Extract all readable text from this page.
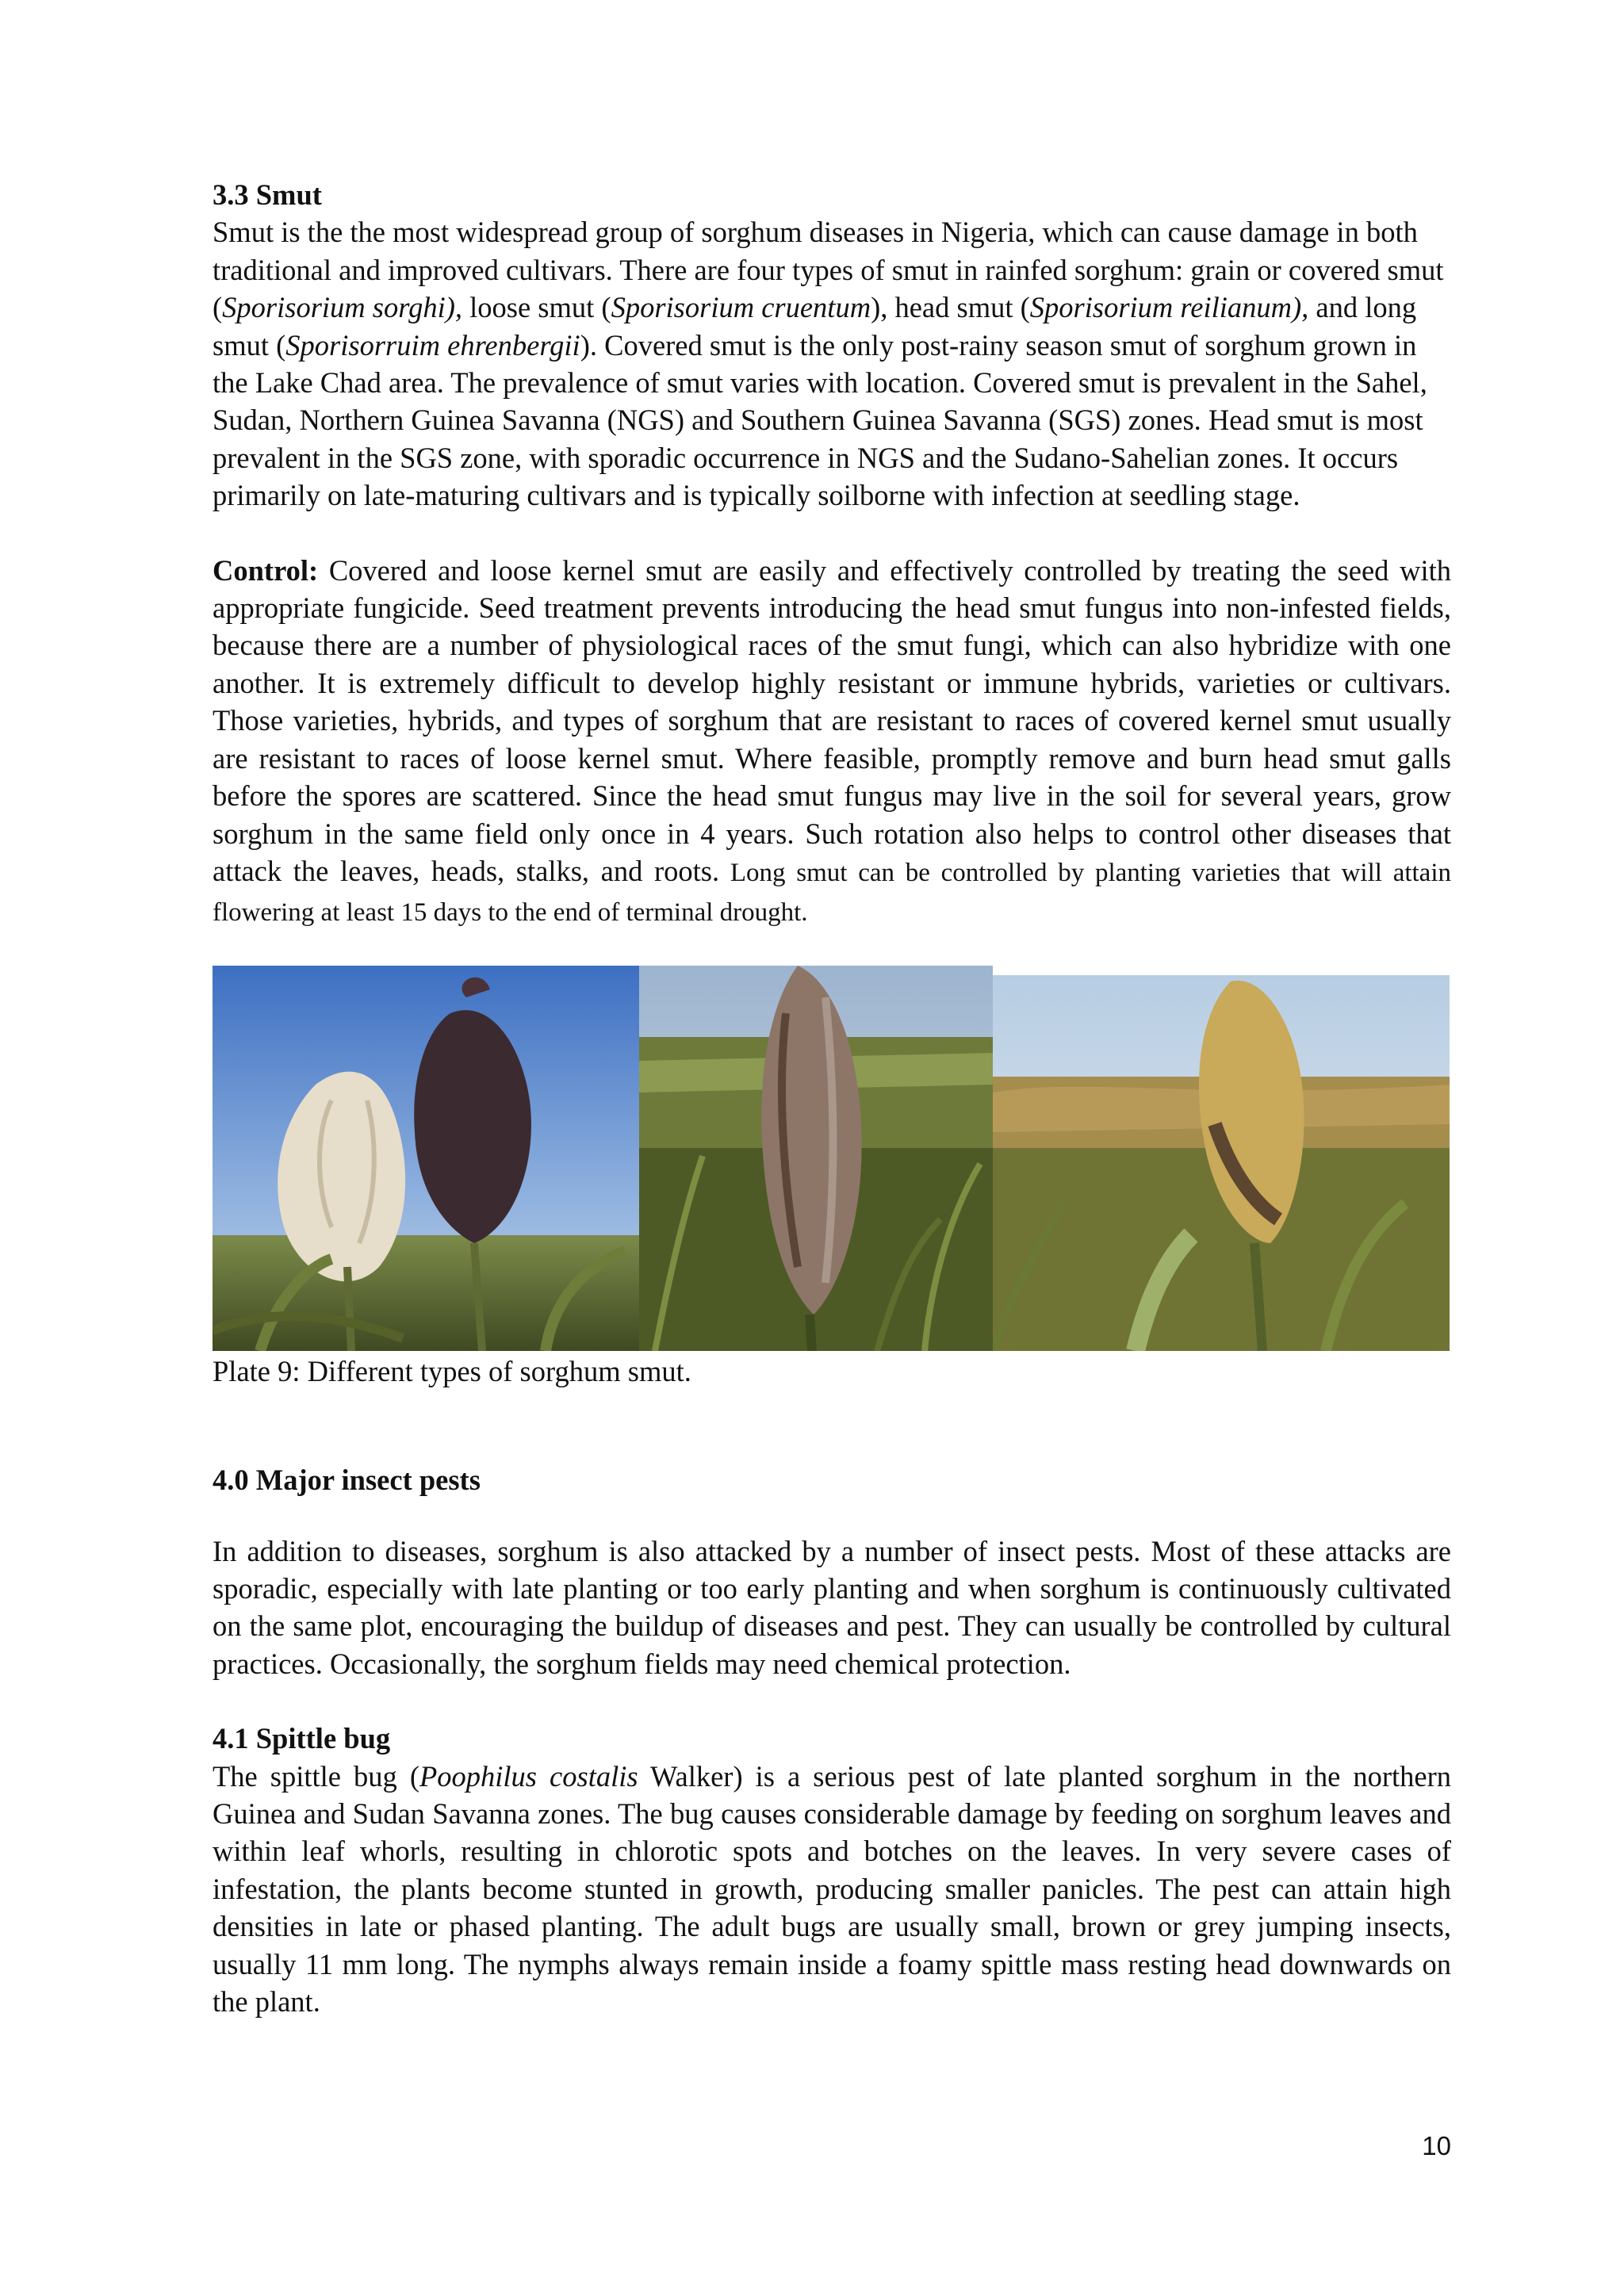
3.3 Smut
Smut is the the most widespread group of sorghum diseases in Nigeria, which can cause damage in both traditional and improved cultivars. There are four types of smut in rainfed sorghum: grain or covered smut (Sporisorium sorghi), loose smut (Sporisorium cruentum), head smut (Sporisorium reilianum), and long smut (Sporisorruim ehrenbergii). Covered smut is the only post-rainy season smut of sorghum grown in the Lake Chad area. The prevalence of smut varies with location. Covered smut is prevalent in the Sahel, Sudan, Northern Guinea Savanna (NGS) and Southern Guinea Savanna (SGS) zones. Head smut is most prevalent in the SGS zone, with sporadic occurrence in NGS and the Sudano-Sahelian zones. It occurs primarily on late-maturing cultivars and is typically soilborne with infection at seedling stage.
Control: Covered and loose kernel smut are easily and effectively controlled by treating the seed with appropriate fungicide. Seed treatment prevents introducing the head smut fungus into non-infested fields, because there are a number of physiological races of the smut fungi, which can also hybridize with one another. It is extremely difficult to develop highly resistant or immune hybrids, varieties or cultivars. Those varieties, hybrids, and types of sorghum that are resistant to races of covered kernel smut usually are resistant to races of loose kernel smut. Where feasible, promptly remove and burn head smut galls before the spores are scattered. Since the head smut fungus may live in the soil for several years, grow sorghum in the same field only once in 4 years. Such rotation also helps to control other diseases that attack the leaves, heads, stalks, and roots. Long smut can be controlled by planting varieties that will attain flowering at least 15 days to the end of terminal drought.
Plate 9: Different types of sorghum smut.
4.0 Major insect pests
In addition to diseases, sorghum is also attacked by a number of insect pests. Most of these attacks are sporadic, especially with late planting or too early planting and when sorghum is continuously cultivated on the same plot, encouraging the buildup of diseases and pest. They can usually be controlled by cultural practices. Occasionally, the sorghum fields may need chemical protection.
4.1 Spittle bug
The spittle bug (Poophilus costalis Walker) is a serious pest of late planted sorghum in the northern Guinea and Sudan Savanna zones. The bug causes considerable damage by feeding on sorghum leaves and within leaf whorls, resulting in chlorotic spots and botches on the leaves. In very severe cases of infestation, the plants become stunted in growth, producing smaller panicles. The pest can attain high densities in late or phased planting. The adult bugs are usually small, brown or grey jumping insects, usually 11 mm long. The nymphs always remain inside a foamy spittle mass resting head downwards on the plant.
10
